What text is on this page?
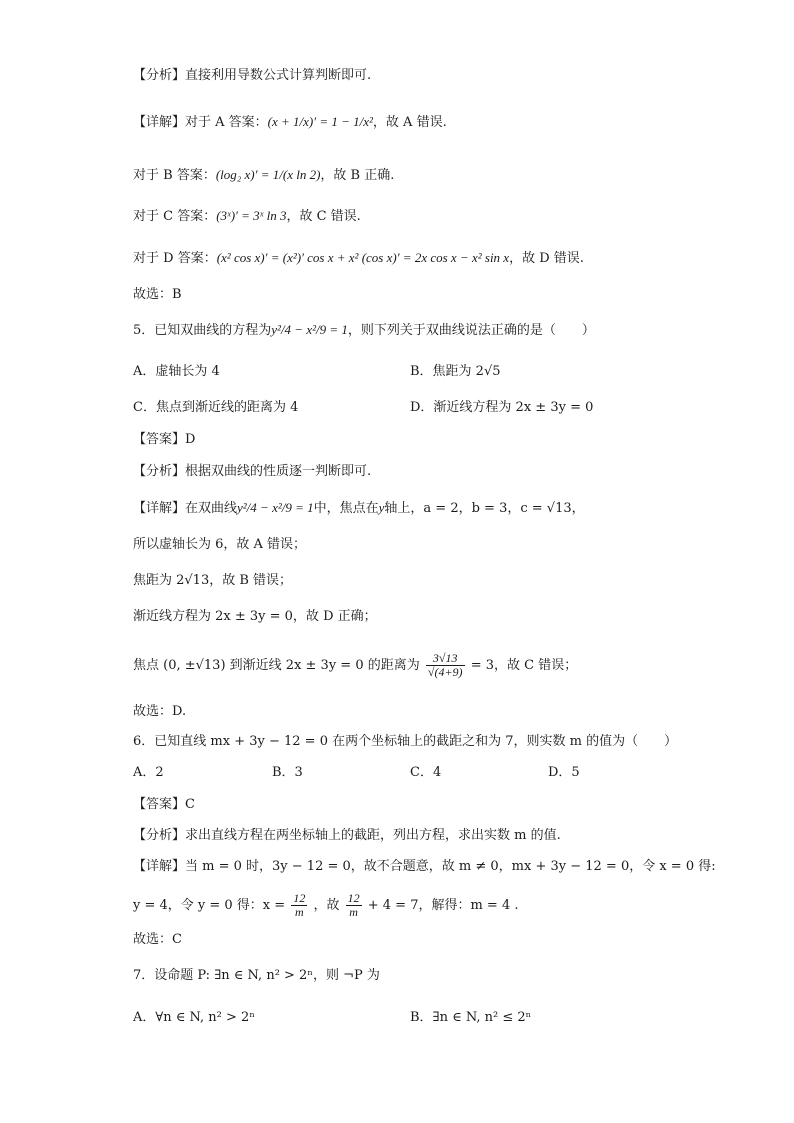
【分析】直接利用导数公式计算判断即可.
【详解】对于 A 答案：(x + 1/x)′ = 1 − 1/x²，故 A 错误.
对于 B 答案：(log₂ x)′ = 1/(x ln 2)，故 B 正确.
对于 C 答案：(3ˣ)′ = 3ˣ ln 3，故 C 错误.
对于 D 答案：(x² cos x)′ = (x²)′ cos x + x² (cos x)′ = 2x cos x − x² sin x，故 D 错误.
故选：B
5．已知双曲线的方程为y²/4 − x²/9 = 1，则下列关于双曲线说法正确的是（　　）
A．虚轴长为 4	B．焦距为 2√5
C．焦点到渐近线的距离为 4	D．渐近线方程为 2x ± 3y = 0
【答案】D
【分析】根据双曲线的性质逐一判断即可.
【详解】在双曲线y²/4 − x²/9 = 1中，焦点在y轴上，a = 2，b = 3，c = √13，
所以虚轴长为 6，故 A 错误；
焦距为 2√13，故 B 错误；
渐近线方程为 2x ± 3y = 0，故 D 正确；
焦点 (0, ±√13) 到渐近线 2x ± 3y = 0 的距离为 $\frac{3√13}{√(4+9)} = 3$，故 C 错误；
故选：D.
6．已知直线 mx + 3y − 12 = 0 在两个坐标轴上的截距之和为 7，则实数 m 的值为（　　）
A．2	B．3	C．4	D．5
【答案】C
【分析】求出直线方程在两坐标轴上的截距，列出方程，求出实数 m 的值.
【详解】当 m = 0 时，3y − 12 = 0，故不合题意，故 m ≠ 0，mx + 3y − 12 = 0，令 x = 0 得:
y = 4，令 y = 0 得：$x = \frac{12}{m}$ ，故 $\frac{12}{m} + 4 = 7$，解得：m = 4 .
故选：C
7．设命题 P: ∃n ∈ N, n² > 2ⁿ，则 ¬P 为
A．∀n ∈ N, n² > 2ⁿ	B．∃n ∈ N, n² ≤ 2ⁿ
